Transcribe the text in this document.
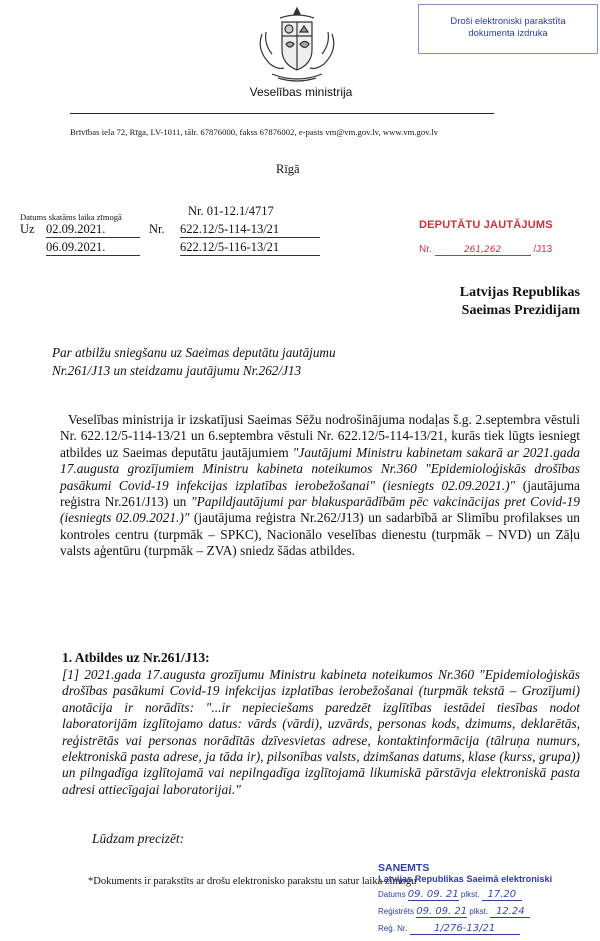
Veselības ministrija
Brīvības iela 72, Rīga, LV-1011, tālr. 67876000, fakss 67876002, e-pasts vm@vm.gov.lv, www.vm.gov.lv
Droši elektroniski parakstīta
dokumenta izdruka
Rīgā
Datums skatāms laika zīmogā	Nr. 01-12.1/4717
Uz 02.09.2021.	Nr. 622.12/5-114-13/21
06.09.2021.	622.12/5-116-13/21
DEPUTĀTU JAUTĀJUMS
Nr.	261,262	/J13
Latvijas Republikas
Saeimas Prezidijam
Par atbilžu sniegšanu uz Saeimas deputātu jautājumu Nr.261/J13 un steidzamu jautājumu Nr.262/J13

Veselības ministrija ir izskatījusi Saeimas Sēžu nodrošinājuma nodaļas š.g. 2.septembra vēstuli Nr. 622.12/5-114-13/21 un 6.septembra vēstuli Nr. 622.12/5-114-13/21, kurās tiek lūgts iesniegt atbildes uz Saeimas deputātu jautājumiem "Jautājumi Ministru kabinetam sakarā ar 2021.gada 17.augusta grozījumiem Ministru kabineta noteikumos Nr.360 "Epidemioloģiskās drošības pasākumi Covid-19 infekcijas izplatības ierobežošanai" (iesniegts 02.09.2021.)" (jautājuma reģistra Nr.261/J13) un "Papildjautājumi par blakusparādībām pēc vakcinācijas pret Covid-19 (iesniegts 02.09.2021.)" (jautājuma reģistra Nr.262/J13) un sadarbībā ar Slimību profilakses un kontroles centru (turpmāk – SPKC), Nacionālo veselības dienestu (turpmāk – NVD) un Zāļu valsts aģentūru (turpmāk – ZVA) sniedz šādas atbildes.

1. Atbildes uz Nr.261/J13:
[1] 2021.gada 17.augusta grozījumu Ministru kabineta noteikumos Nr.360 "Epidemioloģiskās drošības pasākumi Covid-19 infekcijas izplatības ierobežošanai (turpmāk tekstā – Grozījumi) anotācija ir norādīts: "...ir nepieciešams paredzēt izglītības iestādei tiesības nodot laboratorijām izglītojamo datus: vārds (vārdi), uzvārds, personas kods, dzimums, deklarētās, reģistrētās vai personas norādītās dzīvesvietas adrese, kontaktinformācija (tālruņa numurs, elektroniskā pasta adrese, ja tāda ir), pilsonības valsts, dzimšanas datums, klase (kurss, grupa)) un pilngadīga izglītojamā vai nepilngadīga izglītojamā likumiskā pārstāvja elektroniskā pasta adresi attiecīgajai laboratorijai."
Lūdzam precizēt:
*Dokuments ir parakstīts ar drošu elektronisko parakstu un satur laika zīmogu
SANEMTS
Latvijas Republikas Saeimā elektroniski
Datums 09. 09. 21 plkst. 17.20
Reģistrēts 09. 09. 21 plkst. 12.24
Reģ. Nr.	1/276-13/21
